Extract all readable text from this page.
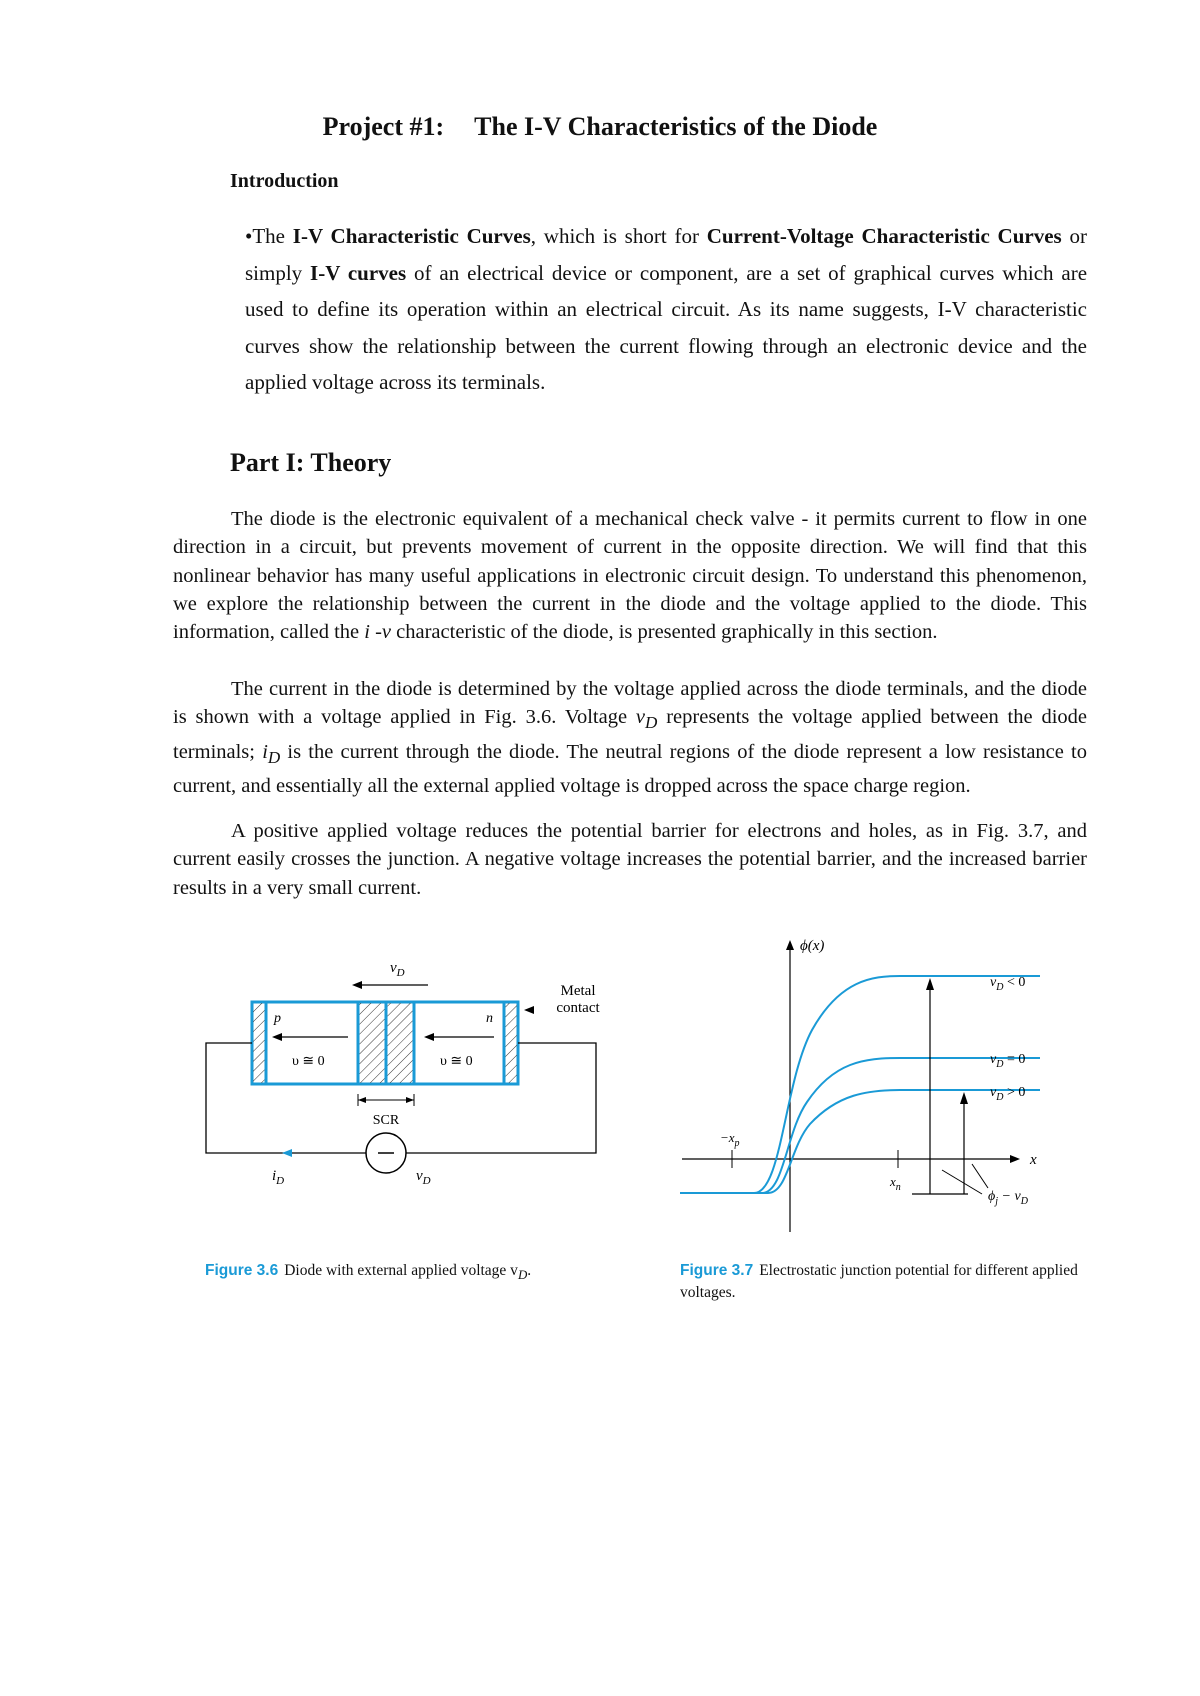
Project #1: The I-V Characteristics of the Diode
Introduction
•The I-V Characteristic Curves, which is short for Current-Voltage Characteristic Curves or simply I-V curves of an electrical device or component, are a set of graphical curves which are used to define its operation within an electrical circuit. As its name suggests, I-V characteristic curves show the relationship between the current flowing through an electronic device and the applied voltage across its terminals.
Part I: Theory

The diode is the electronic equivalent of a mechanical check valve - it permits current to flow in one direction in a circuit, but prevents movement of current in the opposite direction. We will find that this nonlinear behavior has many useful applications in electronic circuit design. To understand this phenomenon, we explore the relationship between the current in the diode and the voltage applied to the diode. This information, called the i -v characteristic of the diode, is presented graphically in this section.

The current in the diode is determined by the voltage applied across the diode terminals, and the diode is shown with a voltage applied in Fig. 3.6. Voltage $v_D$ represents the voltage applied between the diode terminals; $i_D$ is the current through the diode. The neutral regions of the diode represent a low resistance to current, and essentially all the external applied voltage is dropped across the space charge region.

A positive applied voltage reduces the potential barrier for electrons and holes, as in Fig. 3.7, and current easily crosses the junction. A negative voltage increases the potential barrier, and the increased barrier results in a very small current.

$v_D$
p	n
υ ≅ 0	υ ≅ 0
Metal
contact
SCR
$i_D$	$v_D$
ϕ(x)
x
$-x_p$
$x_n$
$v_D < 0$
$v_D = 0$
$v_D > 0$
$\phi_j - v_D$
Figure 3.6 Diode with external applied voltage $v_D$.	Figure 3.7 Electrostatic junction potential for different applied voltages.
